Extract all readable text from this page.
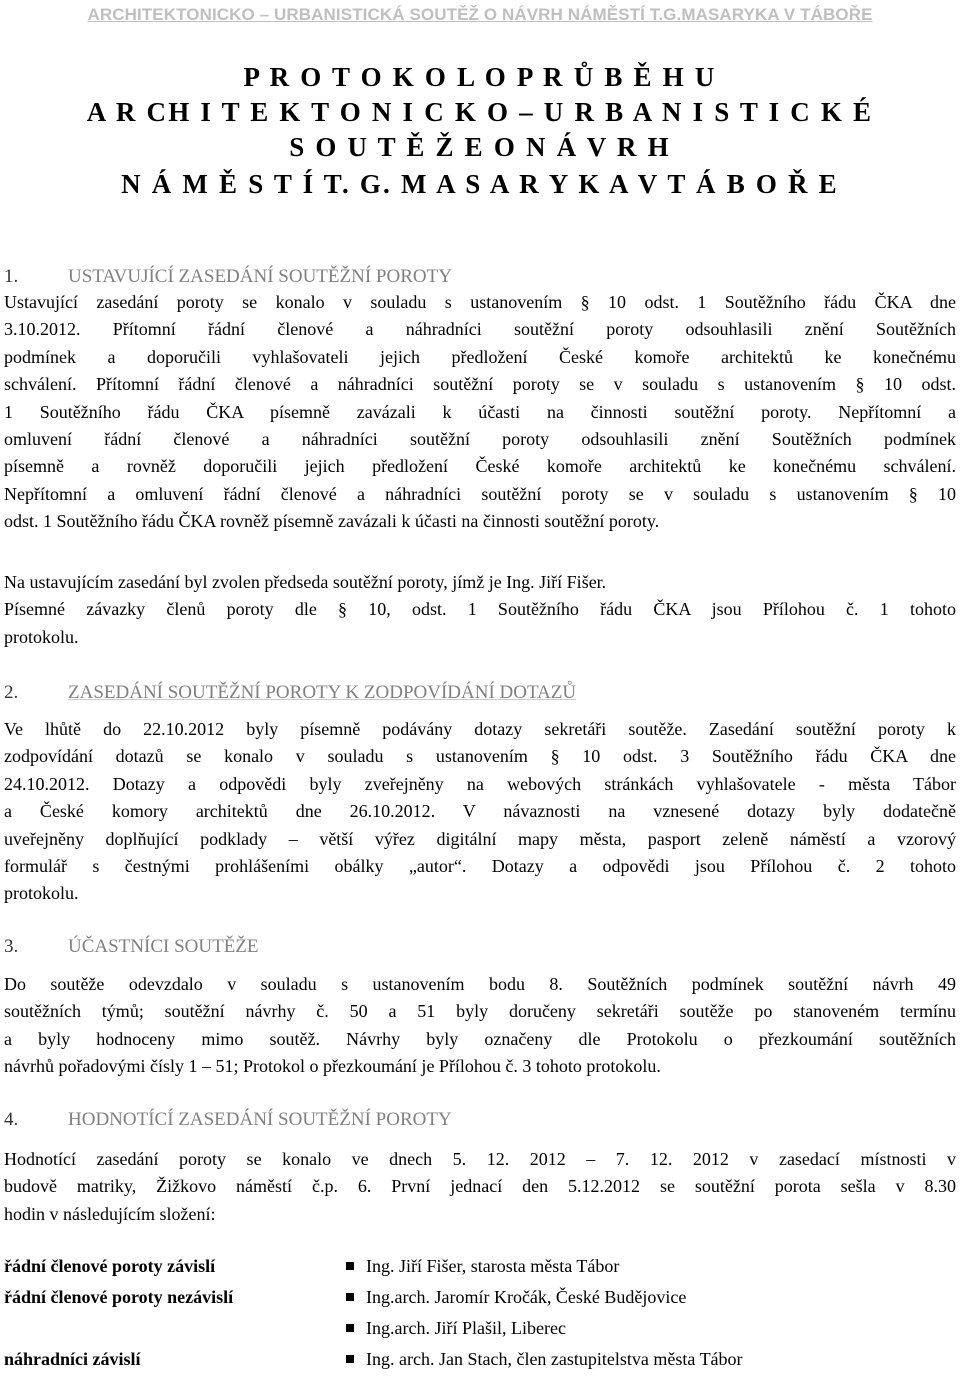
ARCHITEKTONICKO – URBANISTICKÁ SOUTĚŽ O NÁVRH NÁMĚSTÍ T.G.MASARYKA V TÁBOŘE

P R O T O K O L O P R Ů B Ě H U

A R CH I T E K T O N I C K O – U R B A N I S T I C K É

S O U T Ě Ž E O N Á V R H

N Á M Ě S T Í T. G. M A S A R Y K A V T Á B O Ř E

1.	USTAVUJÍCÍ ZASEDÁNÍ SOUTĚŽNÍ POROTY
Ustavující zasedání poroty se konalo v souladu s ustanovením § 10 odst. 1 Soutěžního řádu ČKA dne
3.10.2012. Přítomní řádní členové a náhradníci soutěžní poroty odsouhlasili znění Soutěžních
podmínek a doporučili vyhlašovateli jejich předložení České komoře architektů ke konečnému
schválení. Přítomní řádní členové a náhradníci soutěžní poroty se v souladu s ustanovením § 10 odst.
1 Soutěžního řádu ČKA písemně zavázali k účasti na činnosti soutěžní poroty. Nepřítomní a
omluvení řádní členové a náhradníci soutěžní poroty odsouhlasili znění Soutěžních podmínek
písemně a rovněž doporučili jejich předložení České komoře architektů ke konečnému schválení.
Nepřítomní a omluvení řádní členové a náhradníci soutěžní poroty se v souladu s ustanovením § 10
odst. 1 Soutěžního řádu ČKA rovněž písemně zavázali k účasti na činnosti soutěžní poroty.
Na ustavujícím zasedání byl zvolen předseda soutěžní poroty, jímž je Ing. Jiří Fišer.
Písemné závazky členů poroty dle § 10, odst. 1 Soutěžního řádu ČKA jsou Přílohou č. 1 tohoto
protokolu.
2.	ZASEDÁNÍ SOUTĚŽNÍ POROTY K ZODPOVÍDÁNÍ DOTAZŮ
Ve lhůtě do 22.10.2012 byly písemně podávány dotazy sekretáři soutěže. Zasedání soutěžní poroty k
zodpovídání dotazů se konalo v souladu s ustanovením § 10 odst. 3 Soutěžního řádu ČKA dne
24.10.2012. Dotazy a odpovědi byly zveřejněny na webových stránkách vyhlašovatele - města Tábor
a České komory architektů dne 26.10.2012. V návaznosti na vznesené dotazy byly dodatečně
uveřejněny doplňující podklady – větší výřez digitální mapy města, pasport zeleně náměstí a vzorový
formulář s čestnými prohlášeními obálky „autor“. Dotazy a odpovědi jsou Přílohou č. 2 tohoto
protokolu.
3.	ÚČASTNÍCI SOUTĚŽE
Do soutěže odevzdalo v souladu s ustanovením bodu 8. Soutěžních podmínek soutěžní návrh 49
soutěžních týmů; soutěžní návrhy č. 50 a 51 byly doručeny sekretáři soutěže po stanoveném termínu
a byly hodnoceny mimo soutěž. Návrhy byly označeny dle Protokolu o přezkoumání soutěžních
návrhů pořadovými čísly 1 – 51; Protokol o přezkoumání je Přílohou č. 3 tohoto protokolu.
4.	HODNOTÍCÍ ZASEDÁNÍ SOUTĚŽNÍ POROTY
Hodnotící zasedání poroty se konalo ve dnech 5. 12. 2012 – 7. 12. 2012 v zasedací místnosti v
budově matriky, Žižkovo náměstí č.p. 6. První jednací den 5.12.2012 se soutěžní porota sešla v 8.30
hodin v následujícím složení:
řádní členové poroty závislí	Ing. Jiří Fišer, starosta města Tábor
řádní členové poroty nezávislí	Ing.arch. Jaromír Kročák, České Budějovice
Ing.arch. Jiří Plašil, Liberec
náhradníci závislí	Ing. arch. Jan Stach, člen zastupitelstva města Tábor
